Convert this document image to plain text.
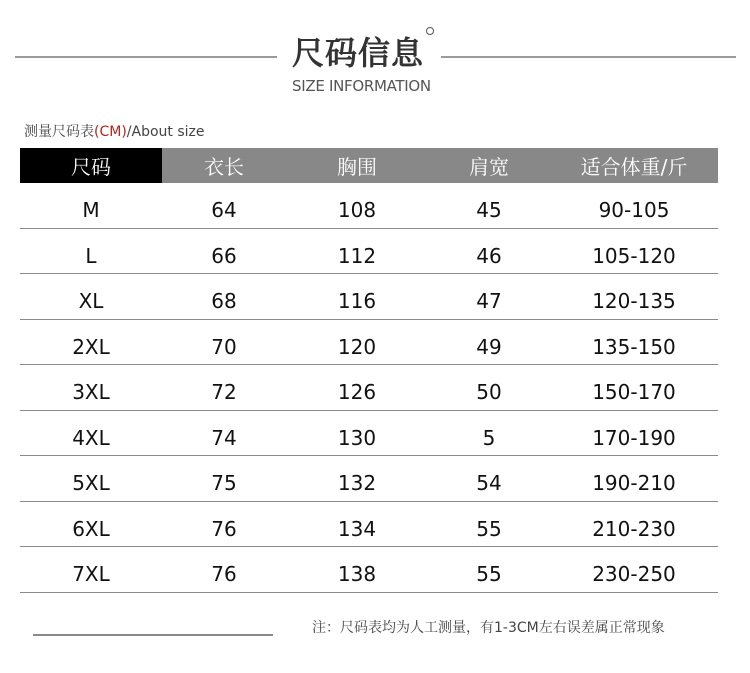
尺码信息
SIZE INFORMATION
测量尺码表(CM)/About size
尺码	衣长	胸围	肩宽	适合体重/斤
M	64	108	45	90-105
L	66	112	46	105-120
XL	68	116	47	120-135
2XL	70	120	49	135-150
3XL	72	126	50	150-170
4XL	74	130	5	170-190
5XL	75	132	54	190-210
6XL	76	134	55	210-230
7XL	76	138	55	230-250
注：尺码表均为人工测量，有1-3CM左右误差属正常现象
